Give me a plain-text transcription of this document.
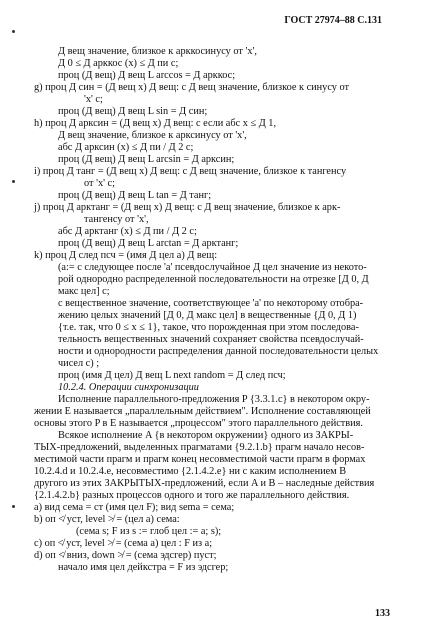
ГОСТ 27974–88 С.131
Д вещ значение, близкое к арккосинусу от 'x',
Д 0 ≤ Д арккос (x) ≤ Д пи с;
проц (Д вещ) Д вещ L arccos = Д арккос;
g) проц Д син = (Д вещ x) Д вещ: с Д вещ значение, близкое к синусу от
'x' с;
проц (Д вещ) Д вещ L sin = Д син;
h) проц Д арксин = (Д вещ x) Д вещ: с если абс x ≤ Д 1,
Д вещ значение, близкое к арксинусу от 'x',
абс Д арксин (x) ≤ Д пи / Д 2 с;
проц (Д вещ) Д вещ L arcsin = Д арксин;
i) проц Д танг = (Д вещ x) Д вещ: с Д вещ значение, близкое к тангенсу
от 'x' с;
проц (Д вещ) Д вещ L tan = Д танг;
j) проц Д арктанг = (Д вещ x) Д вещ: с Д вещ значение, близкое к арк-
тангенсу от 'x',
абс Д арктанг (x) ≤ Д пи / Д 2 с;
проц (Д вещ) Д вещ L arctan = Д арктанг;
k) проц Д след псч = (имя Д цел a) Д вещ:
(a:= с следующее после 'a' псевдослучайное Д цел значение из некото-
рой однородно распределенной последовательности на отрезке [Д 0, Д
макс цел] с;
с вещественное значение, соответствующее 'a' по некоторому отобра-
жению целых значений [Д 0, Д макс цел] в вещественные {Д 0, Д 1)
{т.е. так, что 0 ≤ x ≤ 1}, такое, что порожденная при этом последова-
тельность вещественных значений сохраняет свойства псевдослучай-
ности и однородности распределения данной последовательности целых
чисел с) ;
проц (имя Д цел) Д вещ L next random = Д след псч;
10.2.4. Операции синхронизации
Исполнение параллельного-предложения P {3.3.1.c} в некотором окру-
жении E называется „параллельным действием". Исполнение составляющей
основы этого P в E называется „процессом" этого параллельного действия.
Всякое исполнение A {в некотором окружении} одного из ЗАКРЫ-
ТЫХ-предложений, выделенных прагматами {9.2.1.b} прагм начало несов-
местимой части прагм и прагм конец несовместимой части прагм в формах
10.2.4.d и 10.2.4.e, несовместимо {2.1.4.2.e} ни с каким исполнением B
другого из этих ЗАКРЫТЫХ-предложений, если A и B – наследные действия
{2.1.4.2.b} разных процессов одного и того же параллельного действия.
a) вид сема = ст (имя цел F); вид sema = сема;
b) оп ≮ уст, level ≯ = (цел a) сема:
(сема s; F из s := глоб цел := a; s);
c) оп ≮ уст, level ≯ = (сема a) цел : F из a;
d) оп ≮ вниз, down ≯ = (сема эдсгер) пуст;
начало имя цел дейкстра = F из эдсгер;
133
